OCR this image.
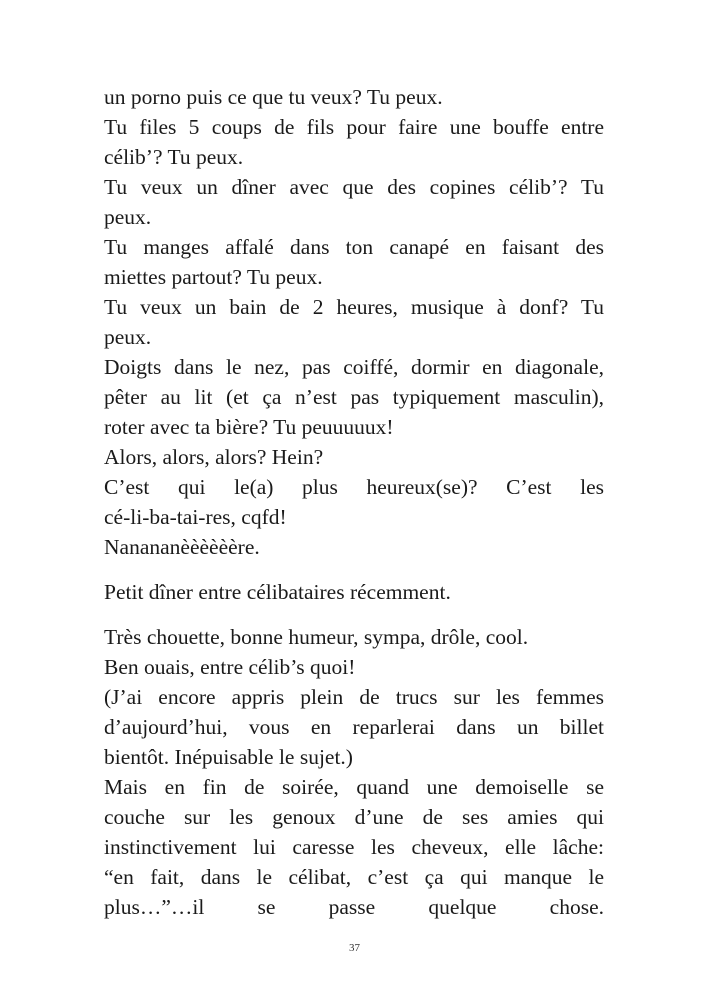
un porno puis ce que tu veux? Tu peux.
Tu files 5 coups de fils pour faire une bouffe entre
célib’? Tu peux.
Tu veux un dîner avec que des copines célib’? Tu
peux.
Tu manges affalé dans ton canapé en faisant des
miettes partout? Tu peux.
Tu veux un bain de 2 heures, musique à donf? Tu
peux.
Doigts dans le nez, pas coiffé, dormir en diagonale,
pêter au lit (et ça n’est pas typiquement masculin),
roter avec ta bière? Tu peuuuuux!
Alors, alors, alors? Hein?
C’est qui le(a) plus heureux(se)? C’est les
cé-li-ba-tai-res, cqfd!
Nanananèèèèèère.
Petit dîner entre célibataires récemment.
Très chouette, bonne humeur, sympa, drôle, cool.
Ben ouais, entre célib’s quoi!
(J’ai encore appris plein de trucs sur les femmes
d’aujourd’hui, vous en reparlerai dans un billet
bientôt. Inépuisable le sujet.)
Mais en fin de soirée, quand une demoiselle se
couche sur les genoux d’une de ses amies qui
instinctivement lui caresse les cheveux, elle lâche:
“en fait, dans le célibat, c’est ça qui manque le
plus…”…il se passe quelque chose.
37
